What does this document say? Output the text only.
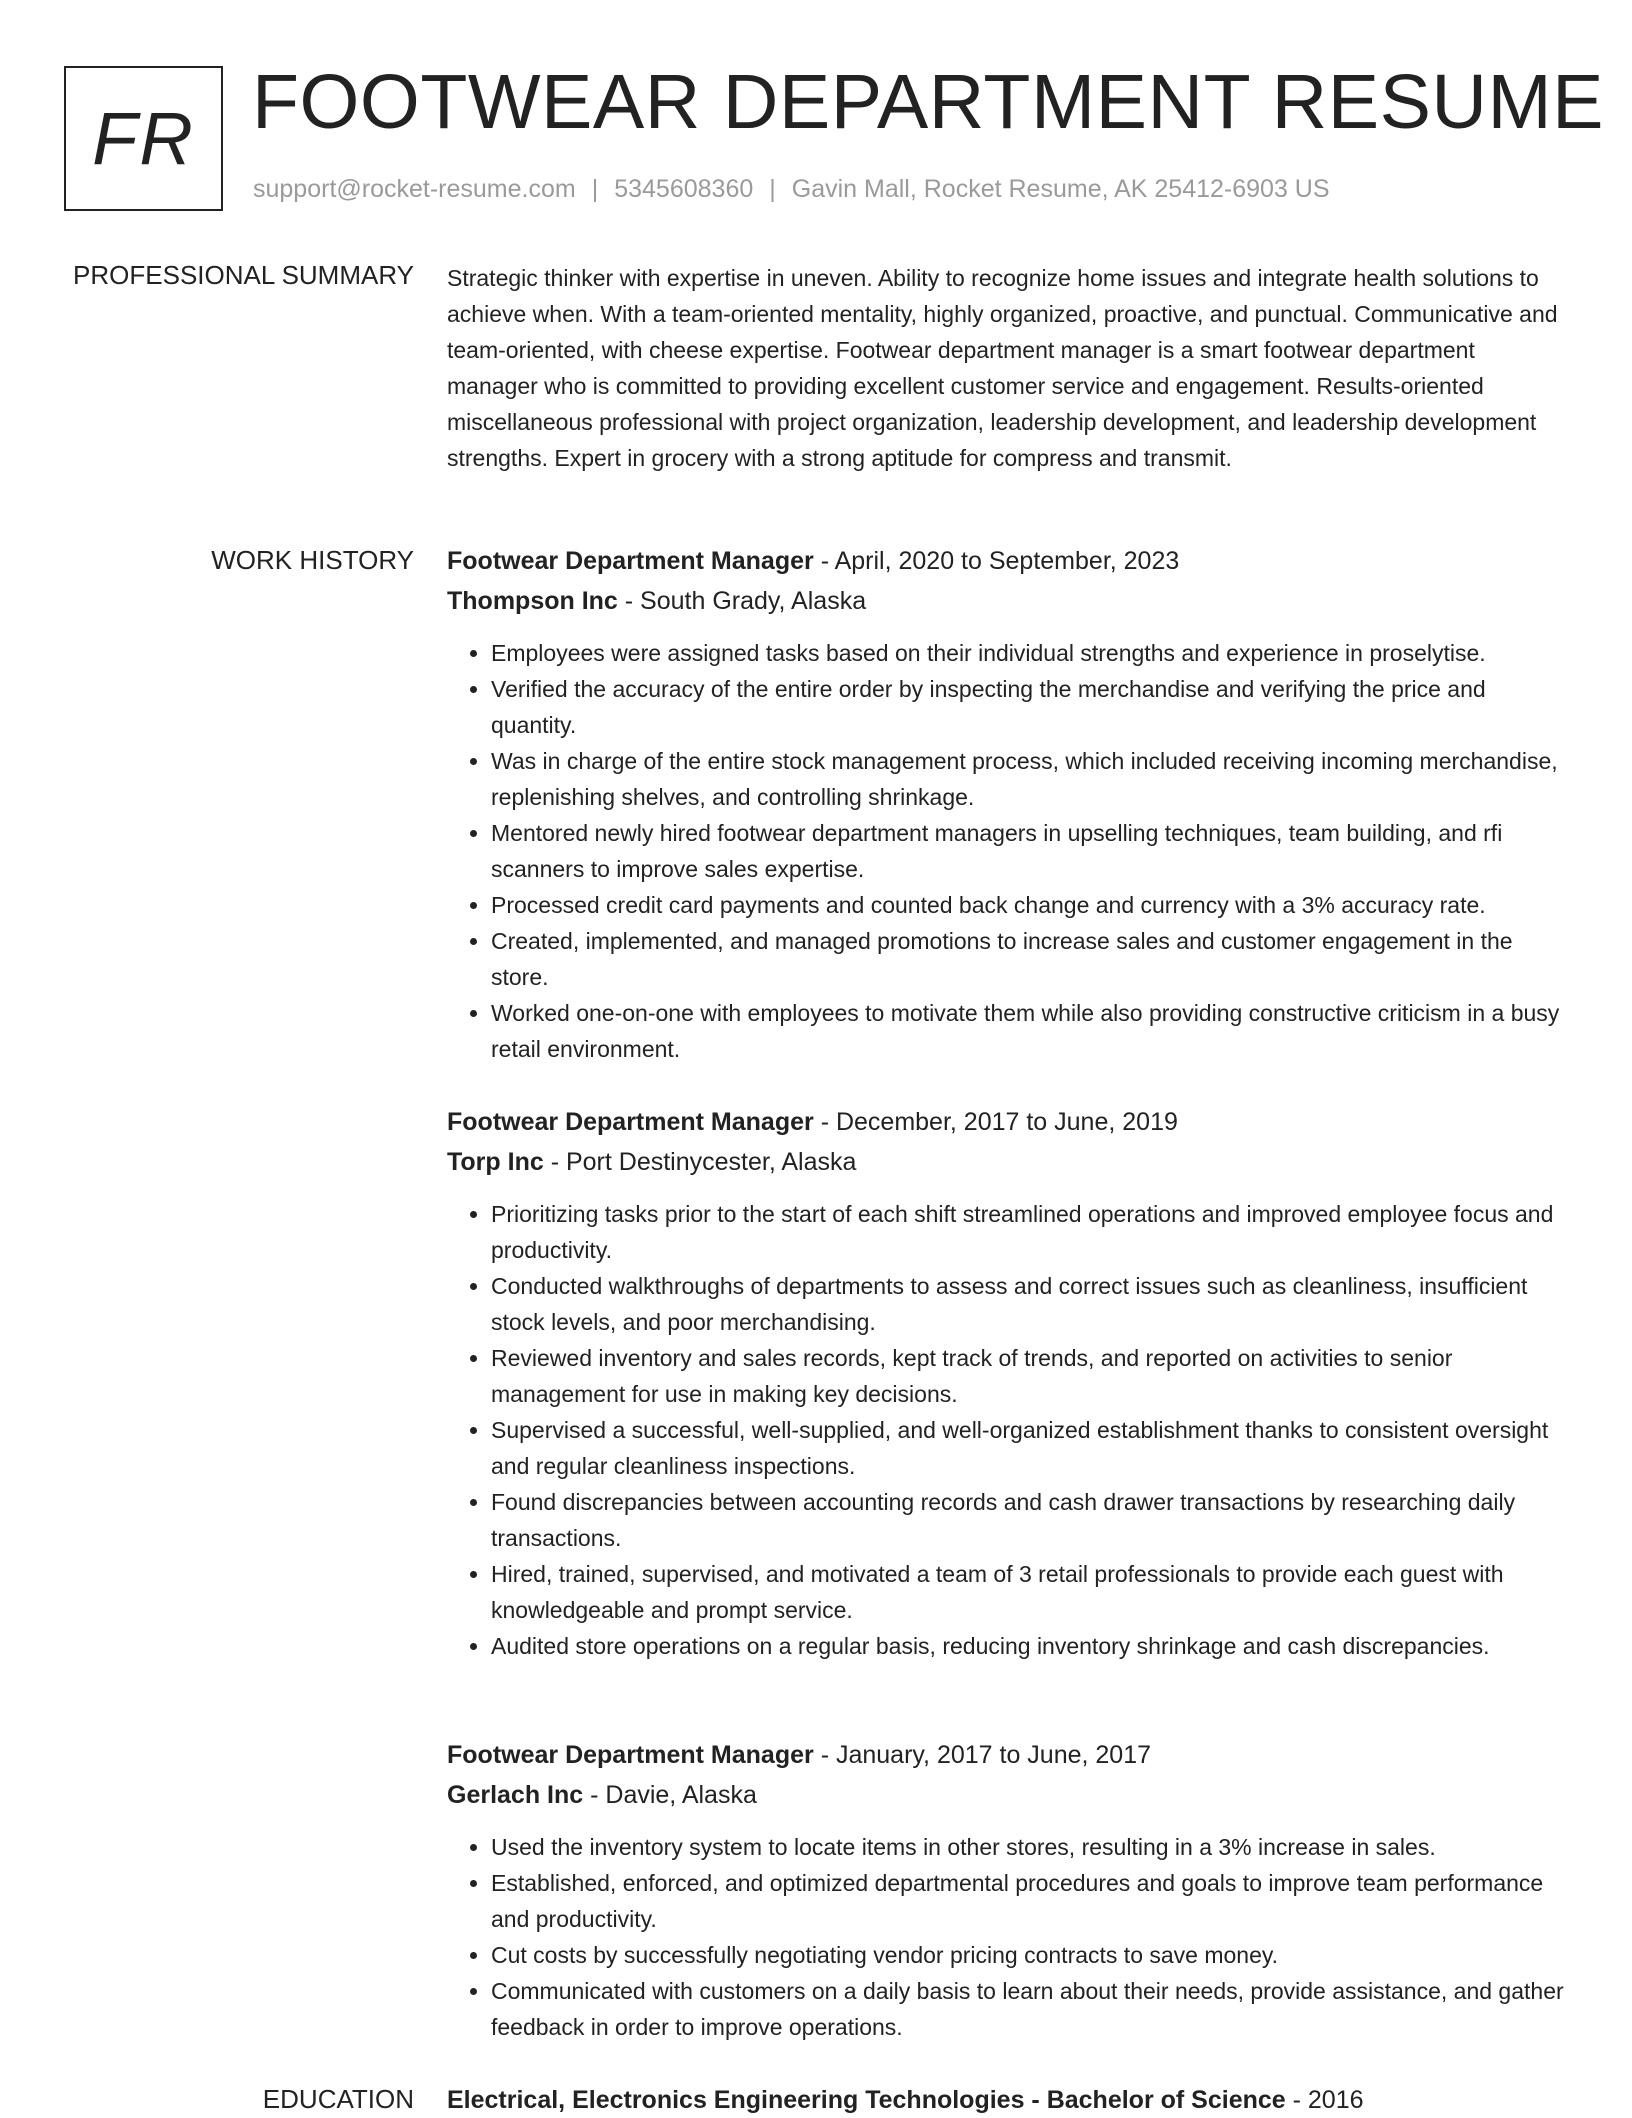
FR FOOTWEAR DEPARTMENT RESUME
support@rocket-resume.com | 5345608360 | Gavin Mall, Rocket Resume, AK 25412-6903 US
PROFESSIONAL SUMMARY Strategic thinker with expertise in uneven. Ability to recognize home issues and integrate health solutions to achieve when. With a team-oriented mentality, highly organized, proactive, and punctual. Communicative and team-oriented, with cheese expertise. Footwear department manager is a smart footwear department manager who is committed to providing excellent customer service and engagement. Results-oriented miscellaneous professional with project organization, leadership development, and leadership development strengths. Expert in grocery with a strong aptitude for compress and transmit.

WORK HISTORY Footwear Department Manager - April, 2020 to September, 2023

Thompson Inc - South Grady, Alaska

• Employees were assigned tasks based on their individual strengths and experience in proselytise.
• Verified the accuracy of the entire order by inspecting the merchandise and verifying the price and quantity.
• Was in charge of the entire stock management process, which included receiving incoming merchandise, replenishing shelves, and controlling shrinkage.
• Mentored newly hired footwear department managers in upselling techniques, team building, and rfi scanners to improve sales expertise.
• Processed credit card payments and counted back change and currency with a 3% accuracy rate.
• Created, implemented, and managed promotions to increase sales and customer engagement in the store.
• Worked one-on-one with employees to motivate them while also providing constructive criticism in a busy retail environment.

Footwear Department Manager - December, 2017 to June, 2019

Torp Inc - Port Destinycester, Alaska

• Prioritizing tasks prior to the start of each shift streamlined operations and improved employee focus and productivity.
• Conducted walkthroughs of departments to assess and correct issues such as cleanliness, insufficient stock levels, and poor merchandising.
• Reviewed inventory and sales records, kept track of trends, and reported on activities to senior management for use in making key decisions.
• Supervised a successful, well-supplied, and well-organized establishment thanks to consistent oversight and regular cleanliness inspections.
• Found discrepancies between accounting records and cash drawer transactions by researching daily transactions.
• Hired, trained, supervised, and motivated a team of 3 retail professionals to provide each guest with knowledgeable and prompt service.
• Audited store operations on a regular basis, reducing inventory shrinkage and cash discrepancies.

Footwear Department Manager - January, 2017 to June, 2017

Gerlach Inc - Davie, Alaska

• Used the inventory system to locate items in other stores, resulting in a 3% increase in sales.
• Established, enforced, and optimized departmental procedures and goals to improve team performance and productivity.
• Cut costs by successfully negotiating vendor pricing contracts to save money.
• Communicated with customers on a daily basis to learn about their needs, provide assistance, and gather feedback in order to improve operations.
EDUCATION Electrical, Electronics Engineering Technologies - Bachelor of Science - 2016
